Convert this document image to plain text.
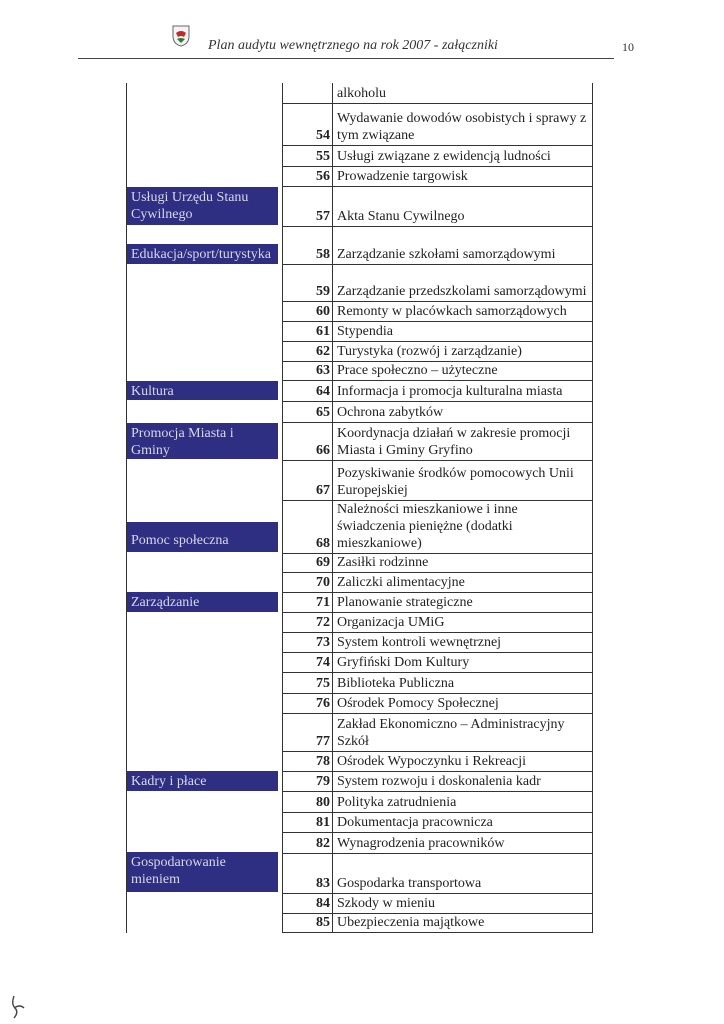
Plan audytu wewnętrznego na rok 2007 - załączniki	10
Usługi Urzędu Stanu Cywilnego
Edukacja/sport/turystyka
Kultura
Promocja Miasta i Gminy
Pomoc społeczna
Zarządzanie
Kadry i płace
Gospodarowanie mieniem
alkoholu
54
Wydawanie dowodów osobistych i sprawy z tym związane
55 Usługi związane z ewidencją ludności
56 Prowadzenie targowisk
57 Akta Stanu Cywilnego
58 Zarządzanie szkołami samorządowymi
59 Zarządzanie przedszkolami samorządowymi
60 Remonty w placówkach samorządowych
61 Stypendia
62 Turystyka (rozwój i zarządzanie)
63 Prace społeczno – użyteczne
64 Informacja i promocja kulturalna miasta
65 Ochrona zabytków
66
Koordynacja działań w zakresie promocji Miasta i Gminy Gryfino
67
Pozyskiwanie środków pomocowych Unii Europejskiej
68
Należności mieszkaniowe i inne świadczenia pieniężne (dodatki mieszkaniowe)
69 Zasiłki rodzinne
70 Zaliczki alimentacyjne
71 Planowanie strategiczne
72 Organizacja UMiG
73 System kontroli wewnętrznej
74 Gryfiński Dom Kultury
75 Biblioteka Publiczna
76 Ośrodek Pomocy Społecznej
77
Zakład Ekonomiczno – Administracyjny Szkół
78 Ośrodek Wypoczynku i Rekreacji
79 System rozwoju i doskonalenia kadr
80 Polityka zatrudnienia
81 Dokumentacja pracownicza
82 Wynagrodzenia pracowników
83 Gospodarka transportowa
84 Szkody w mieniu
85 Ubezpieczenia majątkowe
